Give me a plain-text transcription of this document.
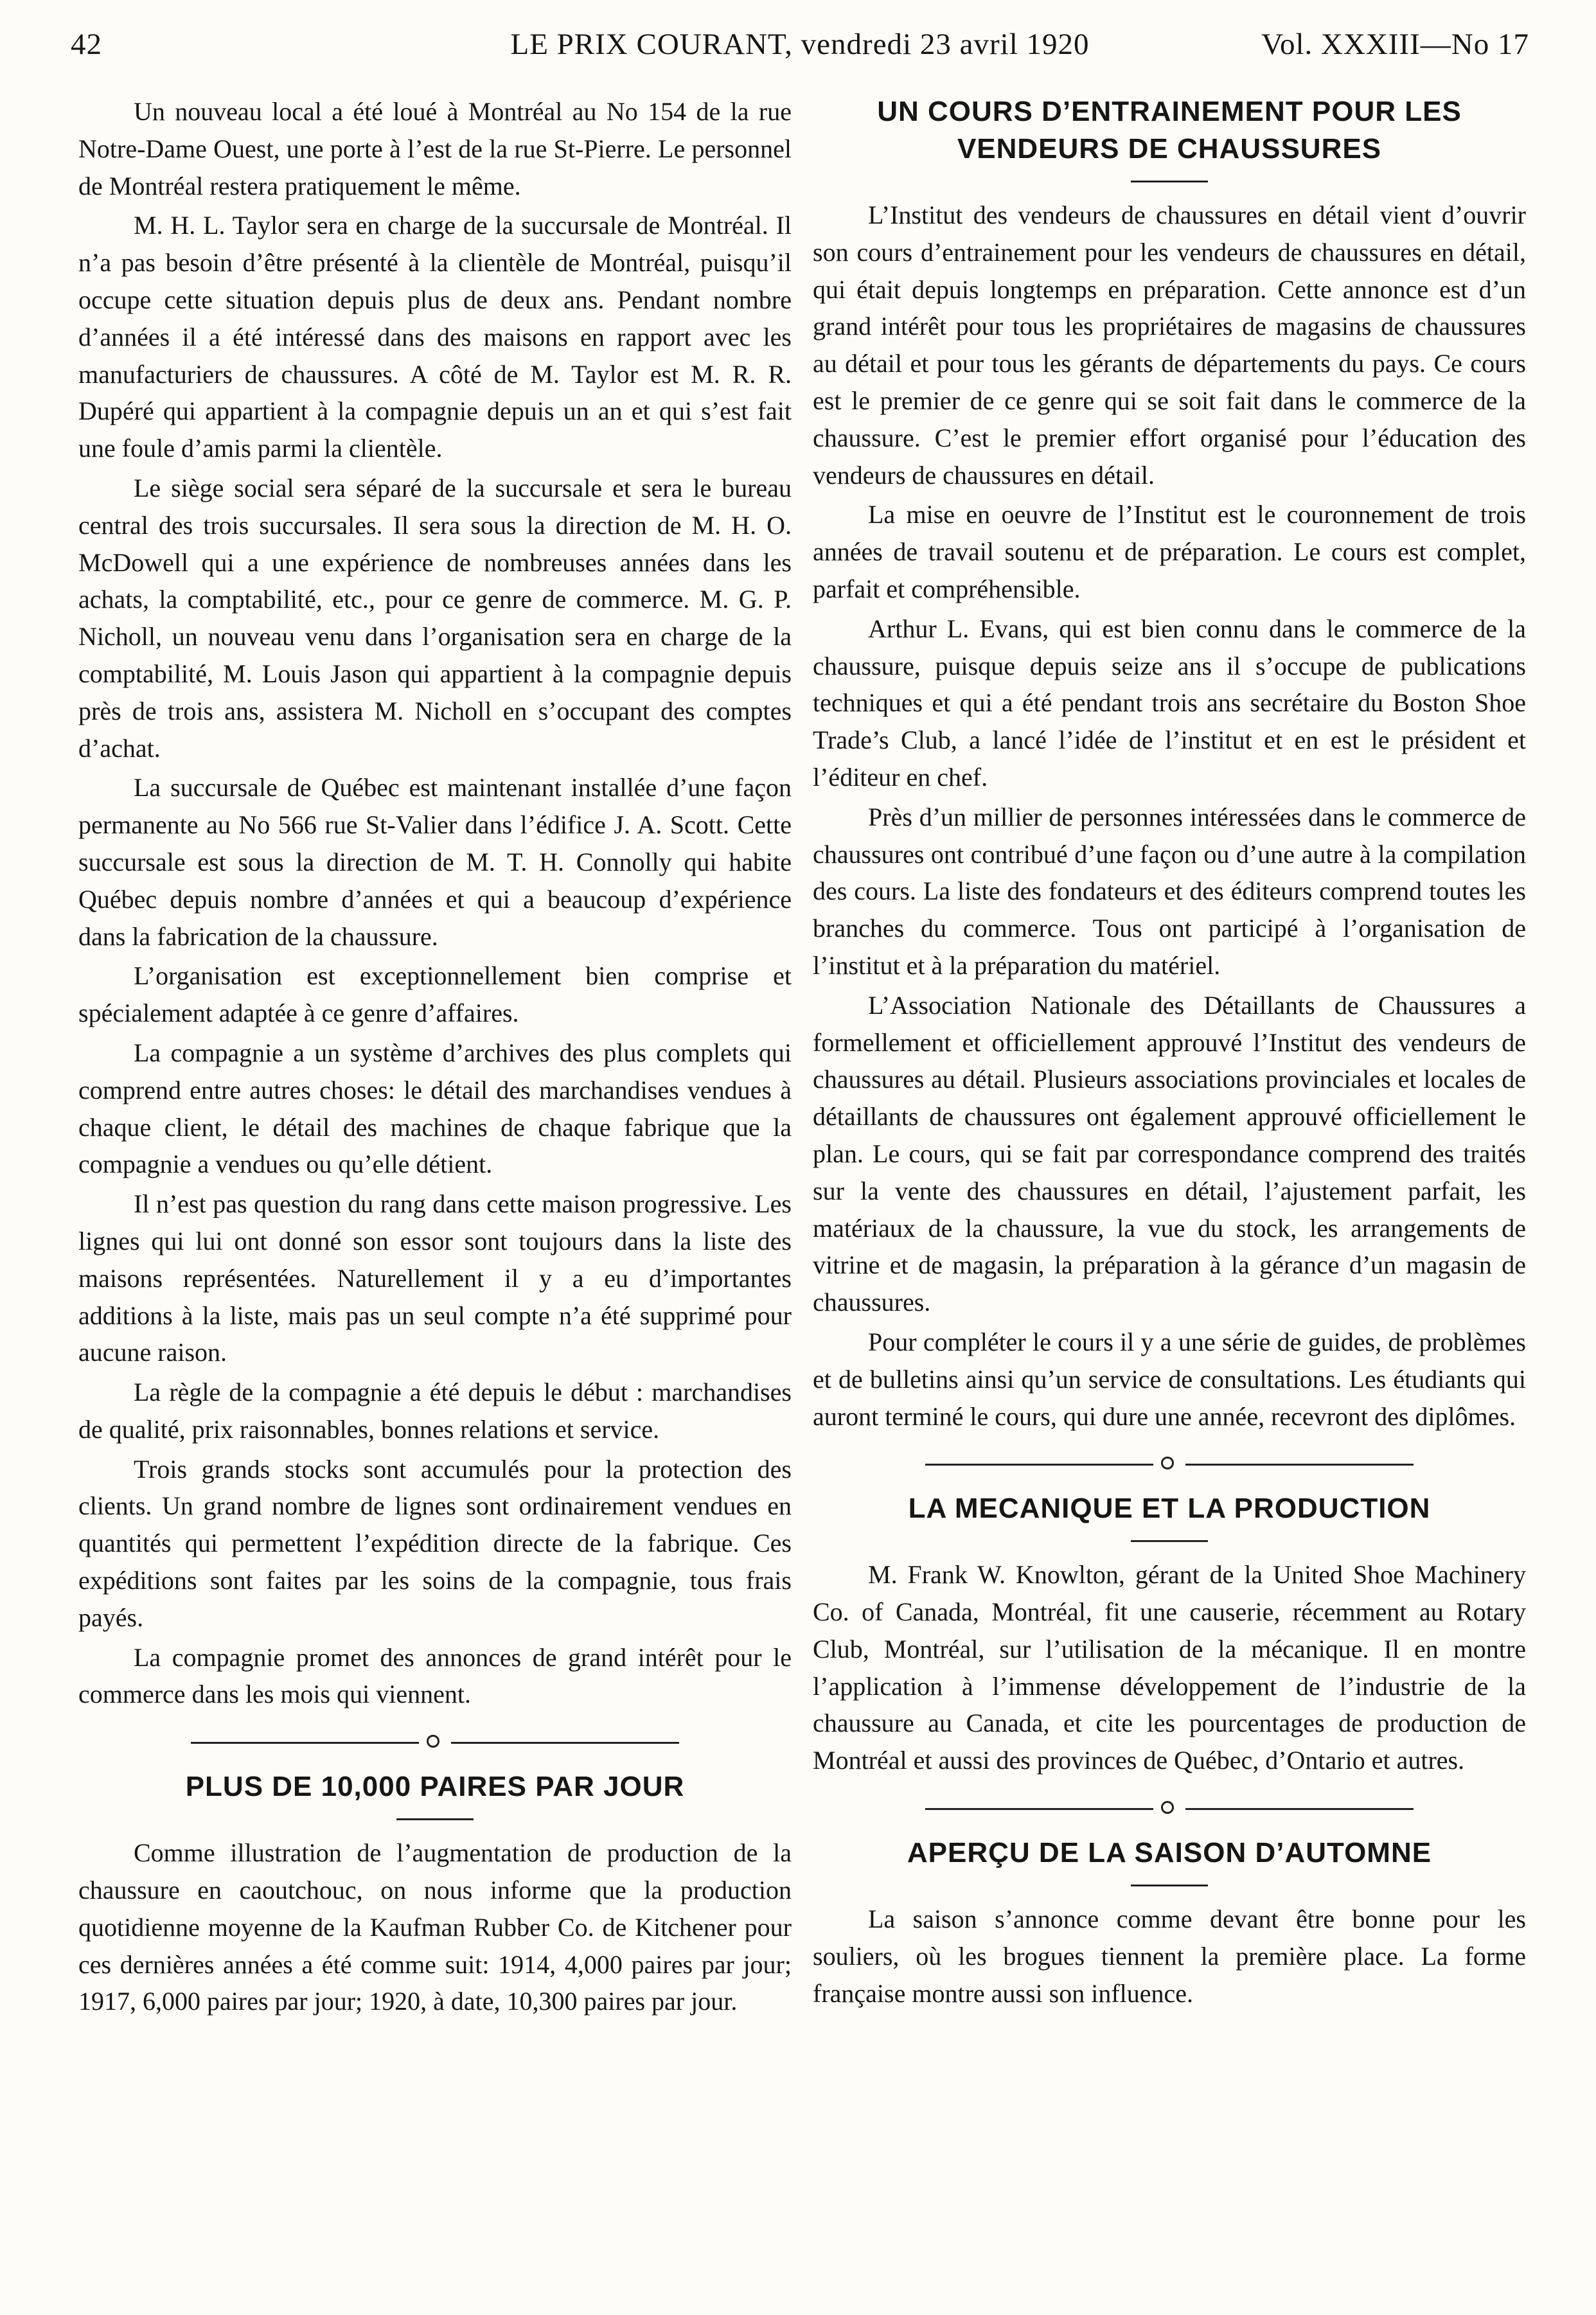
42	LE PRIX COURANT, vendredi 23 avril 1920	Vol. XXXIII—No 17

Un nouveau local a été loué à Montréal au No 154 de la rue Notre-Dame Ouest, une porte à l’est de la rue St-Pierre. Le personnel de Montréal restera pratiquement le même.

M. H. L. Taylor sera en charge de la succursale de Montréal. Il n’a pas besoin d’être présenté à la clientèle de Montréal, puisqu’il occupe cette situation depuis plus de deux ans. Pendant nombre d’années il a été intéressé dans des maisons en rapport avec les manufacturiers de chaussures. A côté de M. Taylor est M. R. R. Dupéré qui appartient à la compagnie depuis un an et qui s’est fait une foule d’amis parmi la clientèle.

Le siège social sera séparé de la succursale et sera le bureau central des trois succursales. Il sera sous la direction de M. H. O. McDowell qui a une expérience de nombreuses années dans les achats, la comptabilité, etc., pour ce genre de commerce. M. G. P. Nicholl, un nouveau venu dans l’organisation sera en charge de la comptabilité, M. Louis Jason qui appartient à la compagnie depuis près de trois ans, assistera M. Nicholl en s’occupant des comptes d’achat.

La succursale de Québec est maintenant installée d’une façon permanente au No 566 rue St-Valier dans l’édifice J. A. Scott. Cette succursale est sous la direction de M. T. H. Connolly qui habite Québec depuis nombre d’années et qui a beaucoup d’expérience dans la fabrication de la chaussure.

L’organisation est exceptionnellement bien comprise et spécialement adaptée à ce genre d’affaires.

La compagnie a un système d’archives des plus complets qui comprend entre autres choses: le détail des marchandises vendues à chaque client, le détail des machines de chaque fabrique que la compagnie a vendues ou qu’elle détient.

Il n’est pas question du rang dans cette maison progressive. Les lignes qui lui ont donné son essor sont toujours dans la liste des maisons représentées. Naturellement il y a eu d’importantes additions à la liste, mais pas un seul compte n’a été supprimé pour aucune raison.

La règle de la compagnie a été depuis le début : marchandises de qualité, prix raisonnables, bonnes relations et service.

Trois grands stocks sont accumulés pour la protection des clients. Un grand nombre de lignes sont ordinairement vendues en quantités qui permettent l’expédition directe de la fabrique. Ces expéditions sont faites par les soins de la compagnie, tous frais payés.

La compagnie promet des annonces de grand intérêt pour le commerce dans les mois qui viennent.

PLUS DE 10,000 PAIRES PAR JOUR

Comme illustration de l’augmentation de production de la chaussure en caoutchouc, on nous informe que la production quotidienne moyenne de la Kaufman Rubber Co. de Kitchener pour ces dernières années a été comme suit: 1914, 4,000 paires par jour; 1917, 6,000 paires par jour; 1920, à date, 10,300 paires par jour.

UN COURS D’ENTRAINEMENT POUR LES VENDEURS DE CHAUSSURES

L’Institut des vendeurs de chaussures en détail vient d’ouvrir son cours d’entrainement pour les vendeurs de chaussures en détail, qui était depuis longtemps en préparation. Cette annonce est d’un grand intérêt pour tous les propriétaires de magasins de chaussures au détail et pour tous les gérants de départements du pays. Ce cours est le premier de ce genre qui se soit fait dans le commerce de la chaussure. C’est le premier effort organisé pour l’éducation des vendeurs de chaussures en détail.

La mise en oeuvre de l’Institut est le couronnement de trois années de travail soutenu et de préparation. Le cours est complet, parfait et compréhensible.

Arthur L. Evans, qui est bien connu dans le commerce de la chaussure, puisque depuis seize ans il s’occupe de publications techniques et qui a été pendant trois ans secrétaire du Boston Shoe Trade’s Club, a lancé l’idée de l’institut et en est le président et l’éditeur en chef.

Près d’un millier de personnes intéressées dans le commerce de chaussures ont contribué d’une façon ou d’une autre à la compilation des cours. La liste des fondateurs et des éditeurs comprend toutes les branches du commerce. Tous ont participé à l’organisation de l’institut et à la préparation du matériel.

L’Association Nationale des Détaillants de Chaussures a formellement et officiellement approuvé l’Institut des vendeurs de chaussures au détail. Plusieurs associations provinciales et locales de détaillants de chaussures ont également approuvé officiellement le plan. Le cours, qui se fait par correspondance comprend des traités sur la vente des chaussures en détail, l’ajustement parfait, les matériaux de la chaussure, la vue du stock, les arrangements de vitrine et de magasin, la préparation à la gérance d’un magasin de chaussures.

Pour compléter le cours il y a une série de guides, de problèmes et de bulletins ainsi qu’un service de consultations. Les étudiants qui auront terminé le cours, qui dure une année, recevront des diplômes.

LA MECANIQUE ET LA PRODUCTION

M. Frank W. Knowlton, gérant de la United Shoe Machinery Co. of Canada, Montréal, fit une causerie, récemment au Rotary Club, Montréal, sur l’utilisation de la mécanique. Il en montre l’application à l’immense développement de l’industrie de la chaussure au Canada, et cite les pourcentages de production de Montréal et aussi des provinces de Québec, d’Ontario et autres.

APERÇU DE LA SAISON D’AUTOMNE

La saison s’annonce comme devant être bonne pour les souliers, où les brogues tiennent la première place. La forme française montre aussi son influence.
